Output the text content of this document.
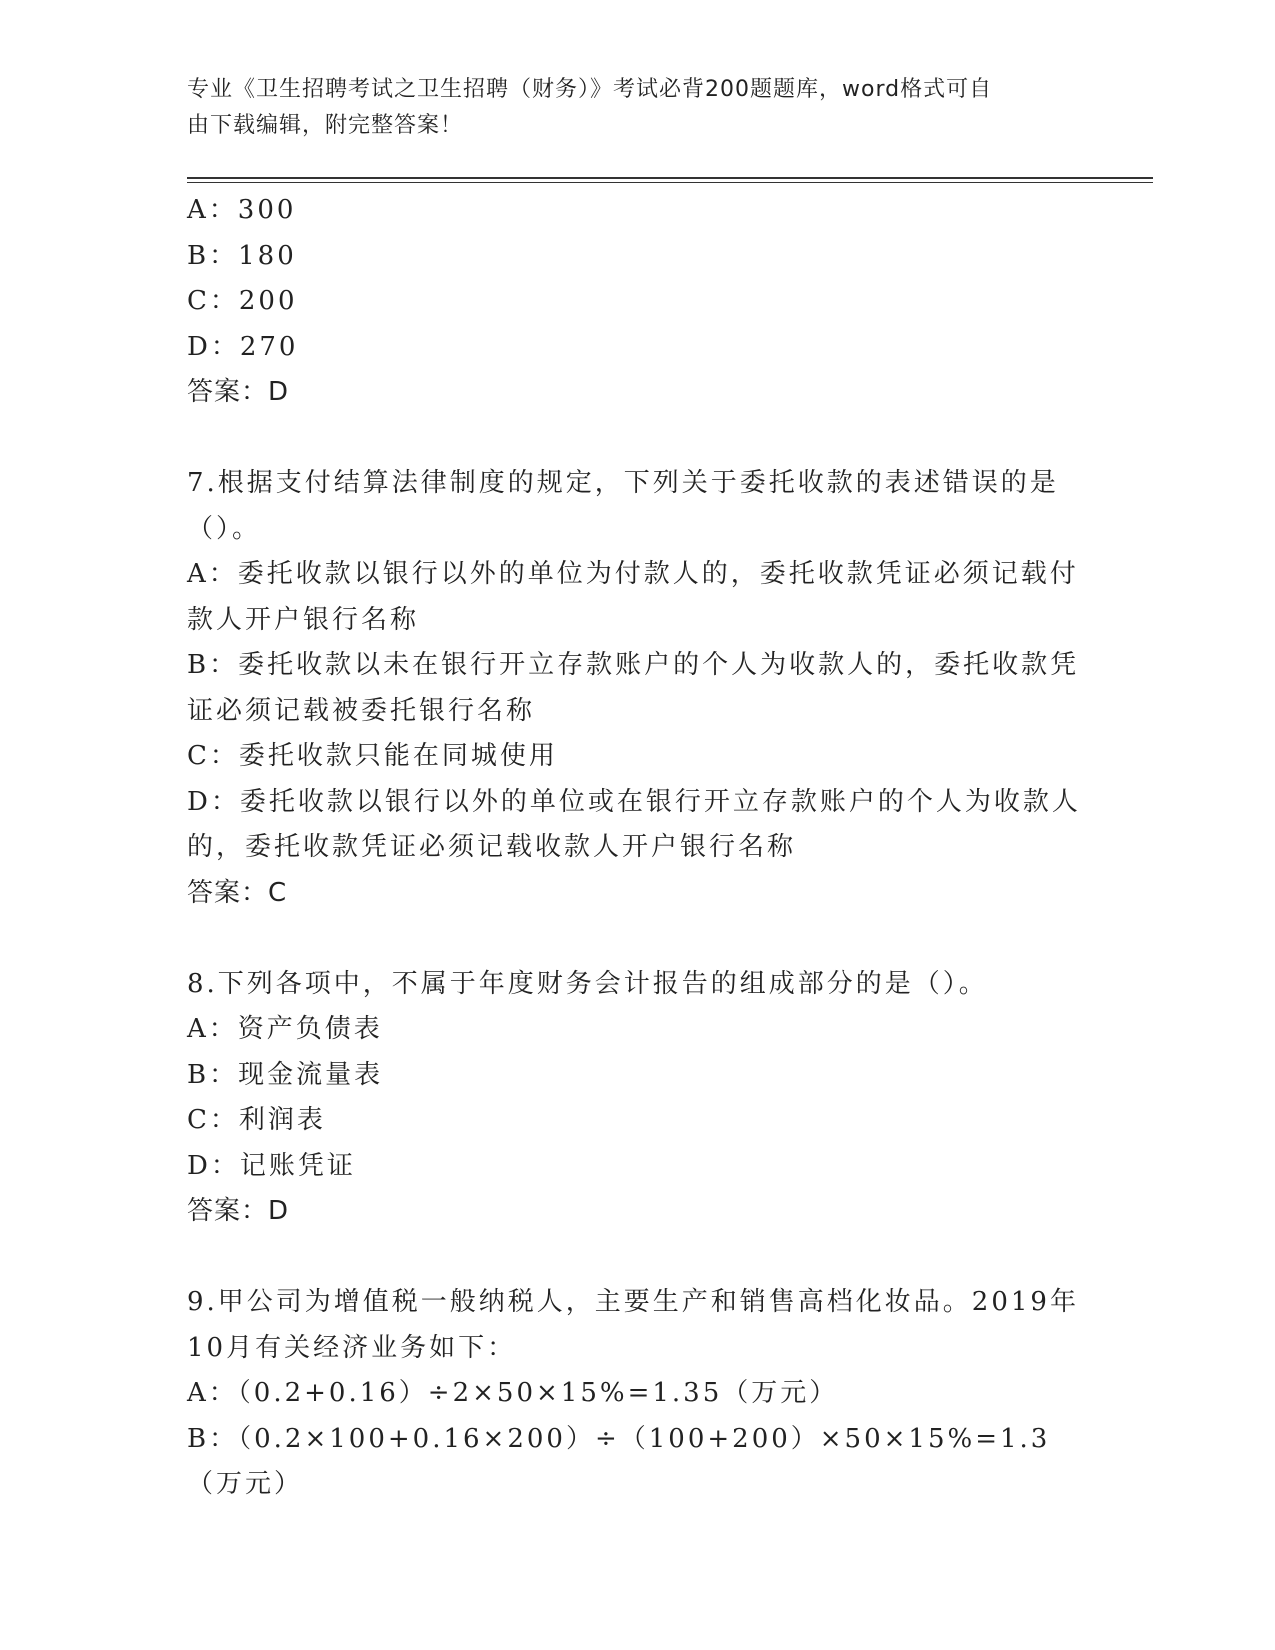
专业《卫生招聘考试之卫生招聘（财务）》考试必背200题题库，word格式可自
由下载编辑，附完整答案！

A：300

B：180

C：200

D：270

答案：D

7.根据支付结算法律制度的规定，下列关于委托收款的表述错误的是

（）。

A：委托收款以银行以外的单位为付款人的，委托收款凭证必须记载付

款人开户银行名称

B：委托收款以未在银行开立存款账户的个人为收款人的，委托收款凭

证必须记载被委托银行名称

C：委托收款只能在同城使用

D：委托收款以银行以外的单位或在银行开立存款账户的个人为收款人

的，委托收款凭证必须记载收款人开户银行名称

答案：C

8.下列各项中，不属于年度财务会计报告的组成部分的是（）。

A：资产负债表

B：现金流量表

C：利润表

D：记账凭证

答案：D

9.甲公司为增值税一般纳税人，主要生产和销售高档化妆品。2019年

10月有关经济业务如下：

A：（0.2+0.16）÷2×50×15%=1.35（万元）

B：（0.2×100+0.16×200）÷（100+200）×50×15%=1.3（万元）
